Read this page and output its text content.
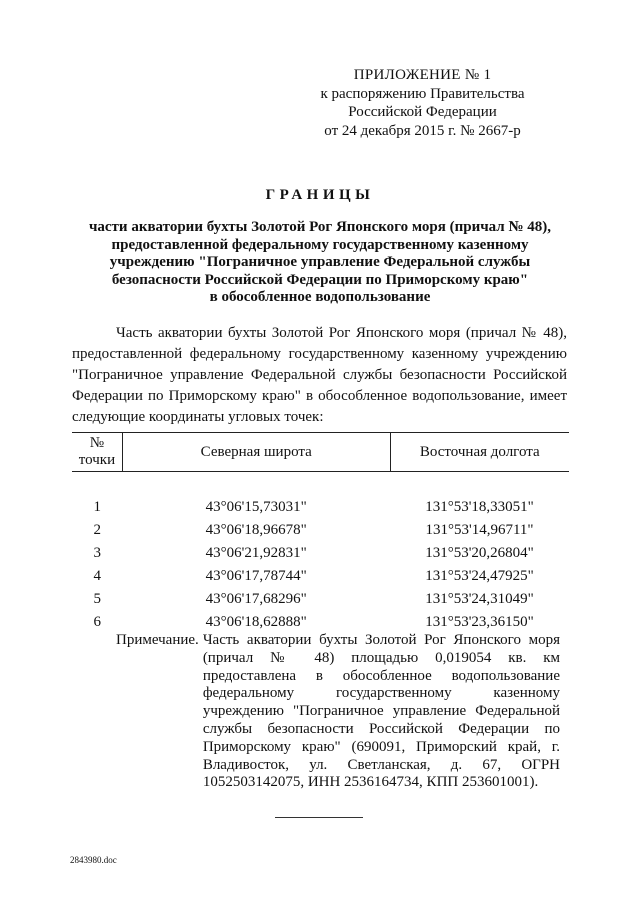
ПРИЛОЖЕНИЕ № 1
к распоряжению Правительства
Российской Федерации
от 24 декабря 2015 г. № 2667-р
ГРАНИЦЫ
части акватории бухты Золотой Рог Японского моря (причал № 48),
предоставленной федеральному государственному казенному
учреждению "Пограничное управление Федеральной службы
безопасности Российской Федерации по Приморскому краю"
в обособленное водопользование

Часть акватории бухты Золотой Рог Японского моря (причал № 48), предоставленной федеральному государственному казенному учреждению "Пограничное управление Федеральной службы безопасности Российской Федерации по Приморскому краю" в обособленное водопользование, имеет следующие координаты угловых точек:

№
точки	Северная широта	Восточная долгота
1	43°06'15,73031"	131°53'18,33051"
2	43°06'18,96678"	131°53'14,96711"
3	43°06'21,92831"	131°53'20,26804"
4	43°06'17,78744"	131°53'24,47925"
5	43°06'17,68296"	131°53'24,31049"
6	43°06'18,62888"	131°53'23,36150"
Примечание. Часть акватории бухты Золотой Рог Японского моря (причал № 48) площадью 0,019054 кв. км предоставлена в обособленное водопользование федеральному государственному казенному учреждению "Пограничное управление Федеральной службы безопасности Российской Федерации по Приморскому краю" (690091, Приморский край, г. Владивосток, ул. Светланская, д. 67, ОГРН 1052503142075, ИНН 2536164734, КПП 253601001).
2843980.doc
